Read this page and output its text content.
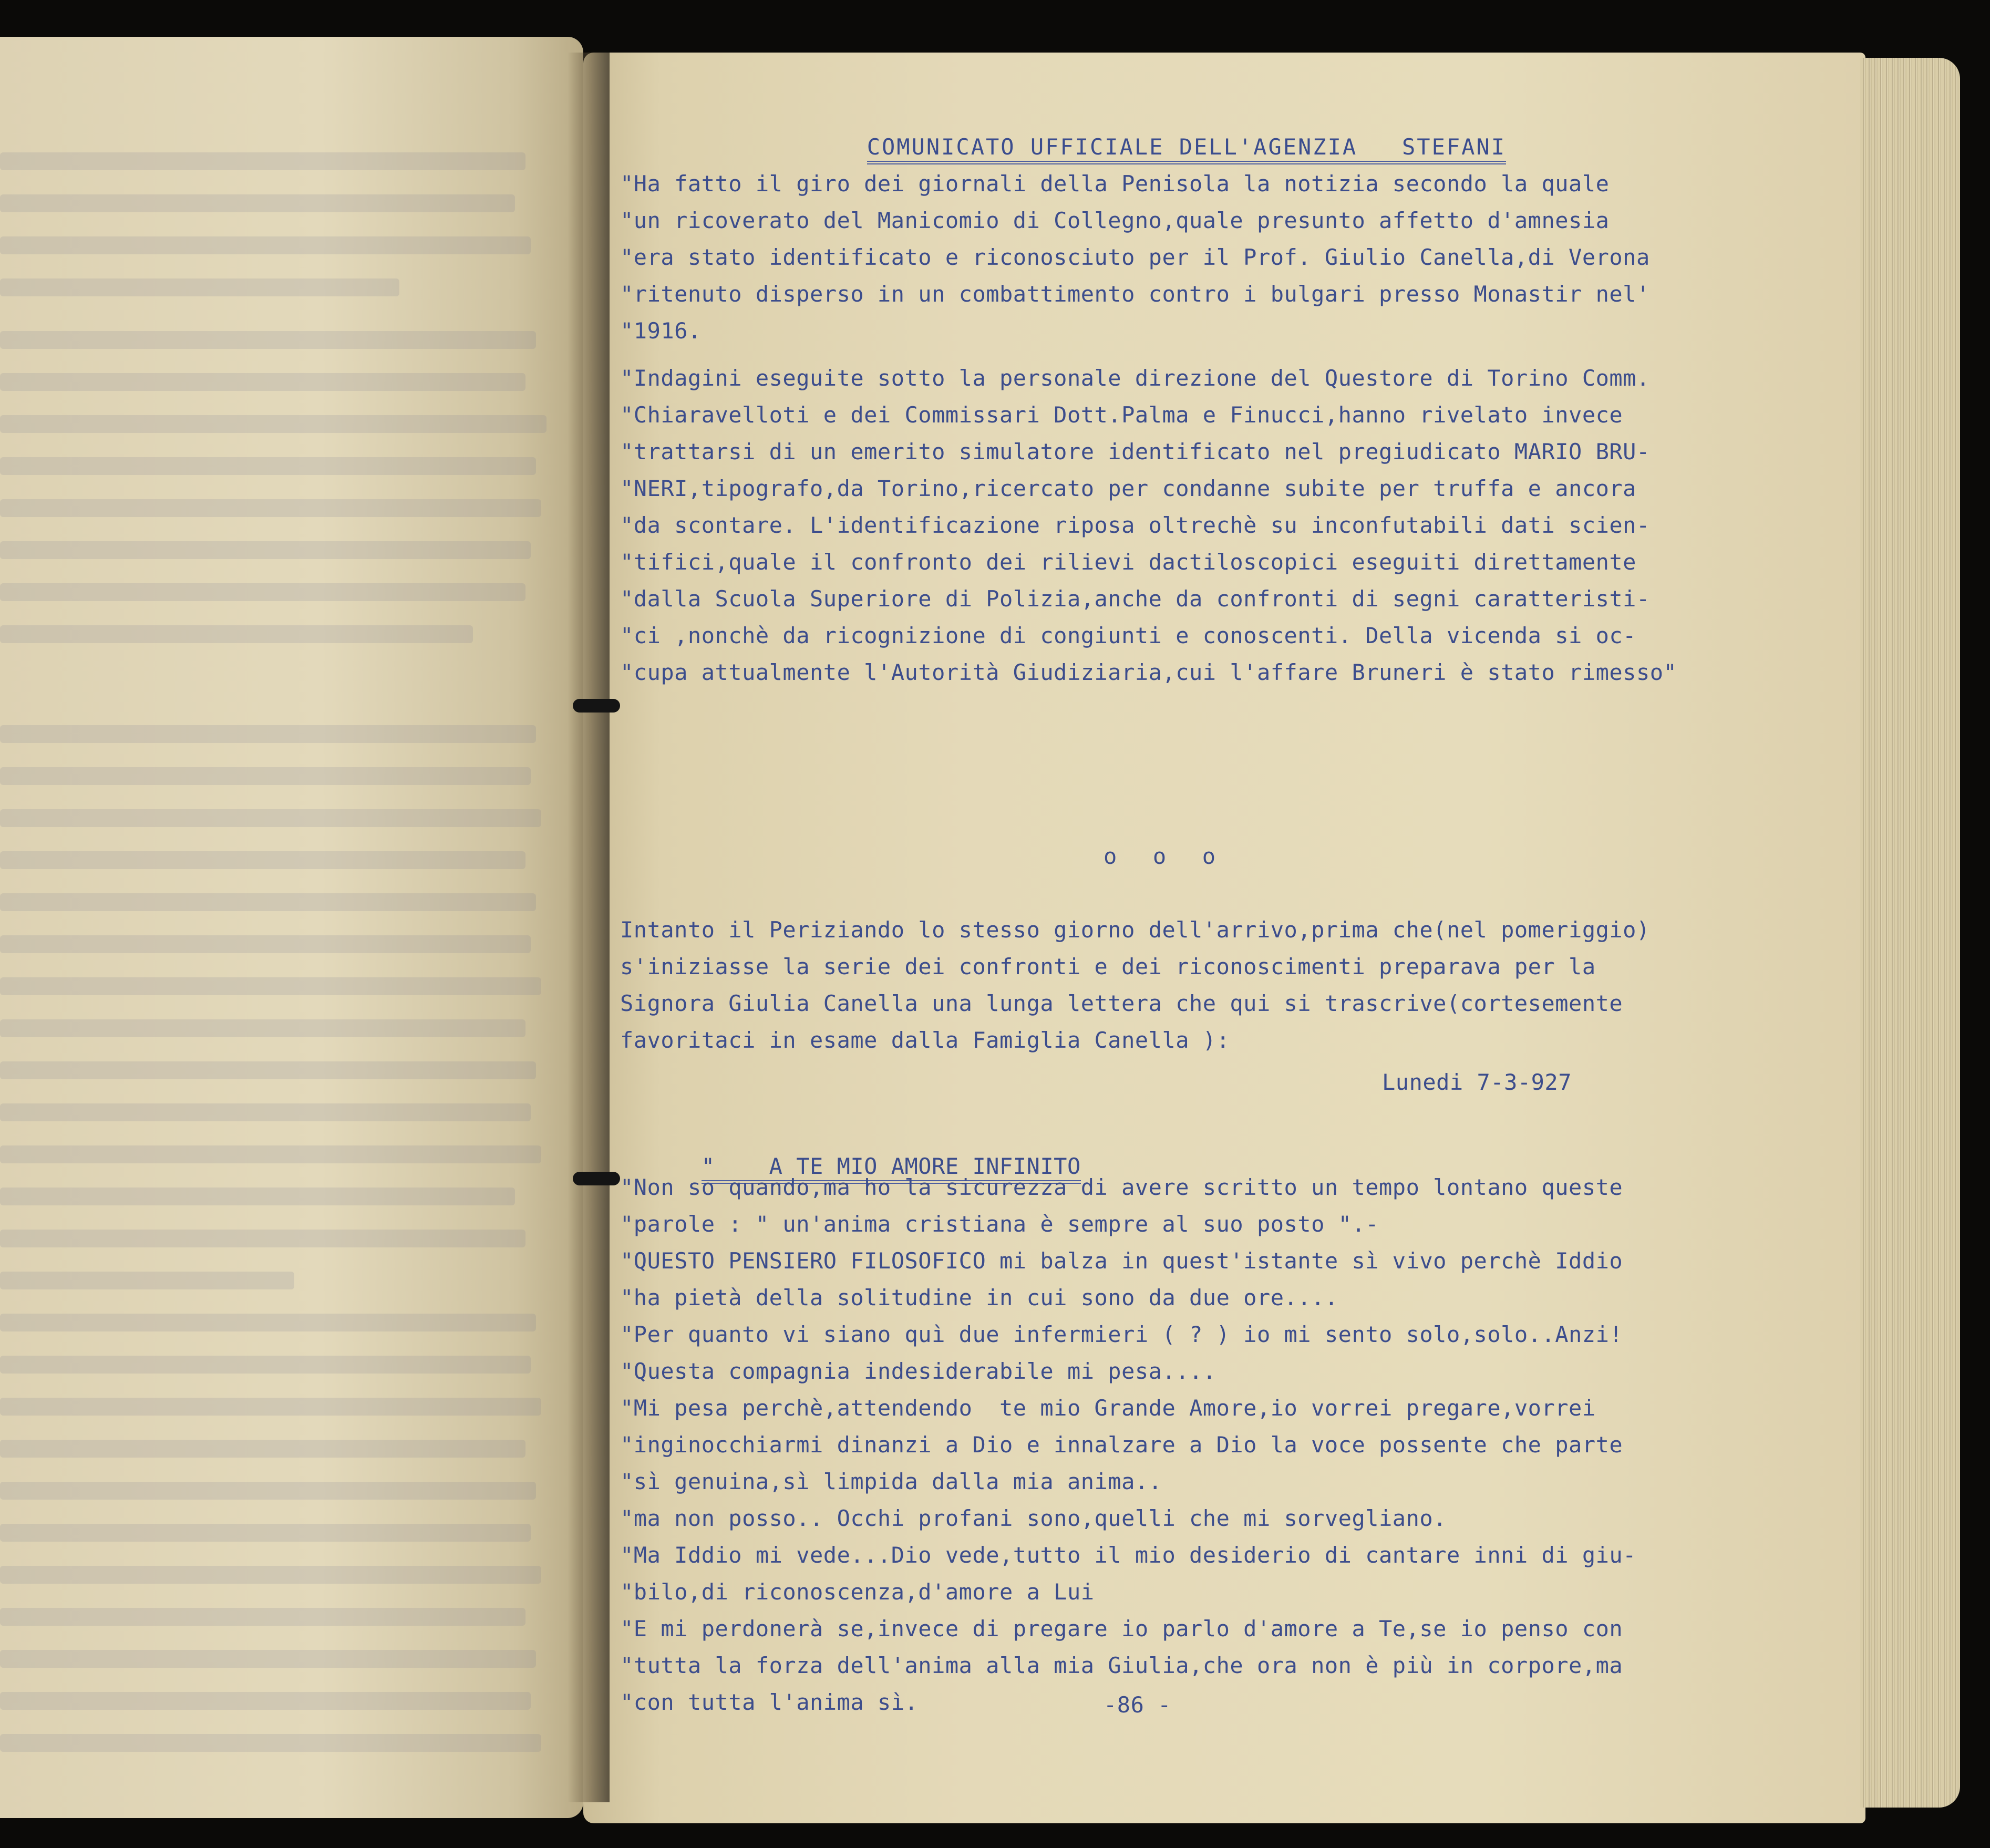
COMUNICATO UFFICIALE DELL'AGENZIA   STEFANI

"Ha fatto il giro dei giornali della Penisola la notizia secondo la quale
"un ricoverato del Manicomio di Collegno,quale presunto affetto d'amnesia
"era stato identificato e riconosciuto per il Prof. Giulio Canella,di Verona
"ritenuto disperso in un combattimento contro i bulgari presso Monastir nel'
"1916.
"Indagini eseguite sotto la personale direzione del Questore di Torino Comm.
"Chiaravelloti e dei Commissari Dott.Palma e Finucci,hanno rivelato invece
"trattarsi di un emerito simulatore identificato nel pregiudicato MARIO BRU-
"NERI,tipografo,da Torino,ricercato per condanne subite per truffa e ancora
"da scontare. L'identificazione riposa oltrechè su inconfutabili dati scien-
"tifici,quale il confronto dei rilievi dactiloscopici eseguiti direttamente
"dalla Scuola Superiore di Polizia,anche da confronti di segni caratteristi-
"ci ,nonchè da ricognizione di congiunti e conoscenti. Della vicenda si oc-
"cupa attualmente l'Autorità Giudiziaria,cui l'affare Bruneri è stato rimesso"
o  o  o
Intanto il Periziando lo stesso giorno dell'arrivo,prima che(nel pomeriggio)
s'iniziasse la serie dei confronti e dei riconoscimenti preparava per la
Signora Giulia Canella una lunga lettera che qui si trascrive(cortesemente
favoritaci in esame dalla Famiglia Canella ):
Lunedi 7-3-927

"    A TE MIO AMORE INFINITO

"Non so quando,ma ho la sicurezza di avere scritto un tempo lontano queste
"parole : " un'anima cristiana è sempre al suo posto ".-
"QUESTO PENSIERO FILOSOFICO mi balza in quest'istante sì vivo perchè Iddio
"ha pietà della solitudine in cui sono da due ore....
"Per quanto vi siano quì due infermieri ( ? ) io mi sento solo,solo..Anzi!
"Questa compagnia indesiderabile mi pesa....
"Mi pesa perchè,attendendo  te mio Grande Amore,io vorrei pregare,vorrei
"inginocchiarmi dinanzi a Dio e innalzare a Dio la voce possente che parte
"sì genuina,sì limpida dalla mia anima..
"ma non posso.. Occhi profani sono,quelli che mi sorvegliano.
"Ma Iddio mi vede...Dio vede,tutto il mio desiderio di cantare inni di giu-
"bilo,di riconoscenza,d'amore a Lui
"E mi perdonerà se,invece di pregare io parlo d'amore a Te,se io penso con
"tutta la forza dell'anima alla mia Giulia,che ora non è più in corpore,ma
"con tutta l'anima sì.	-86 -
